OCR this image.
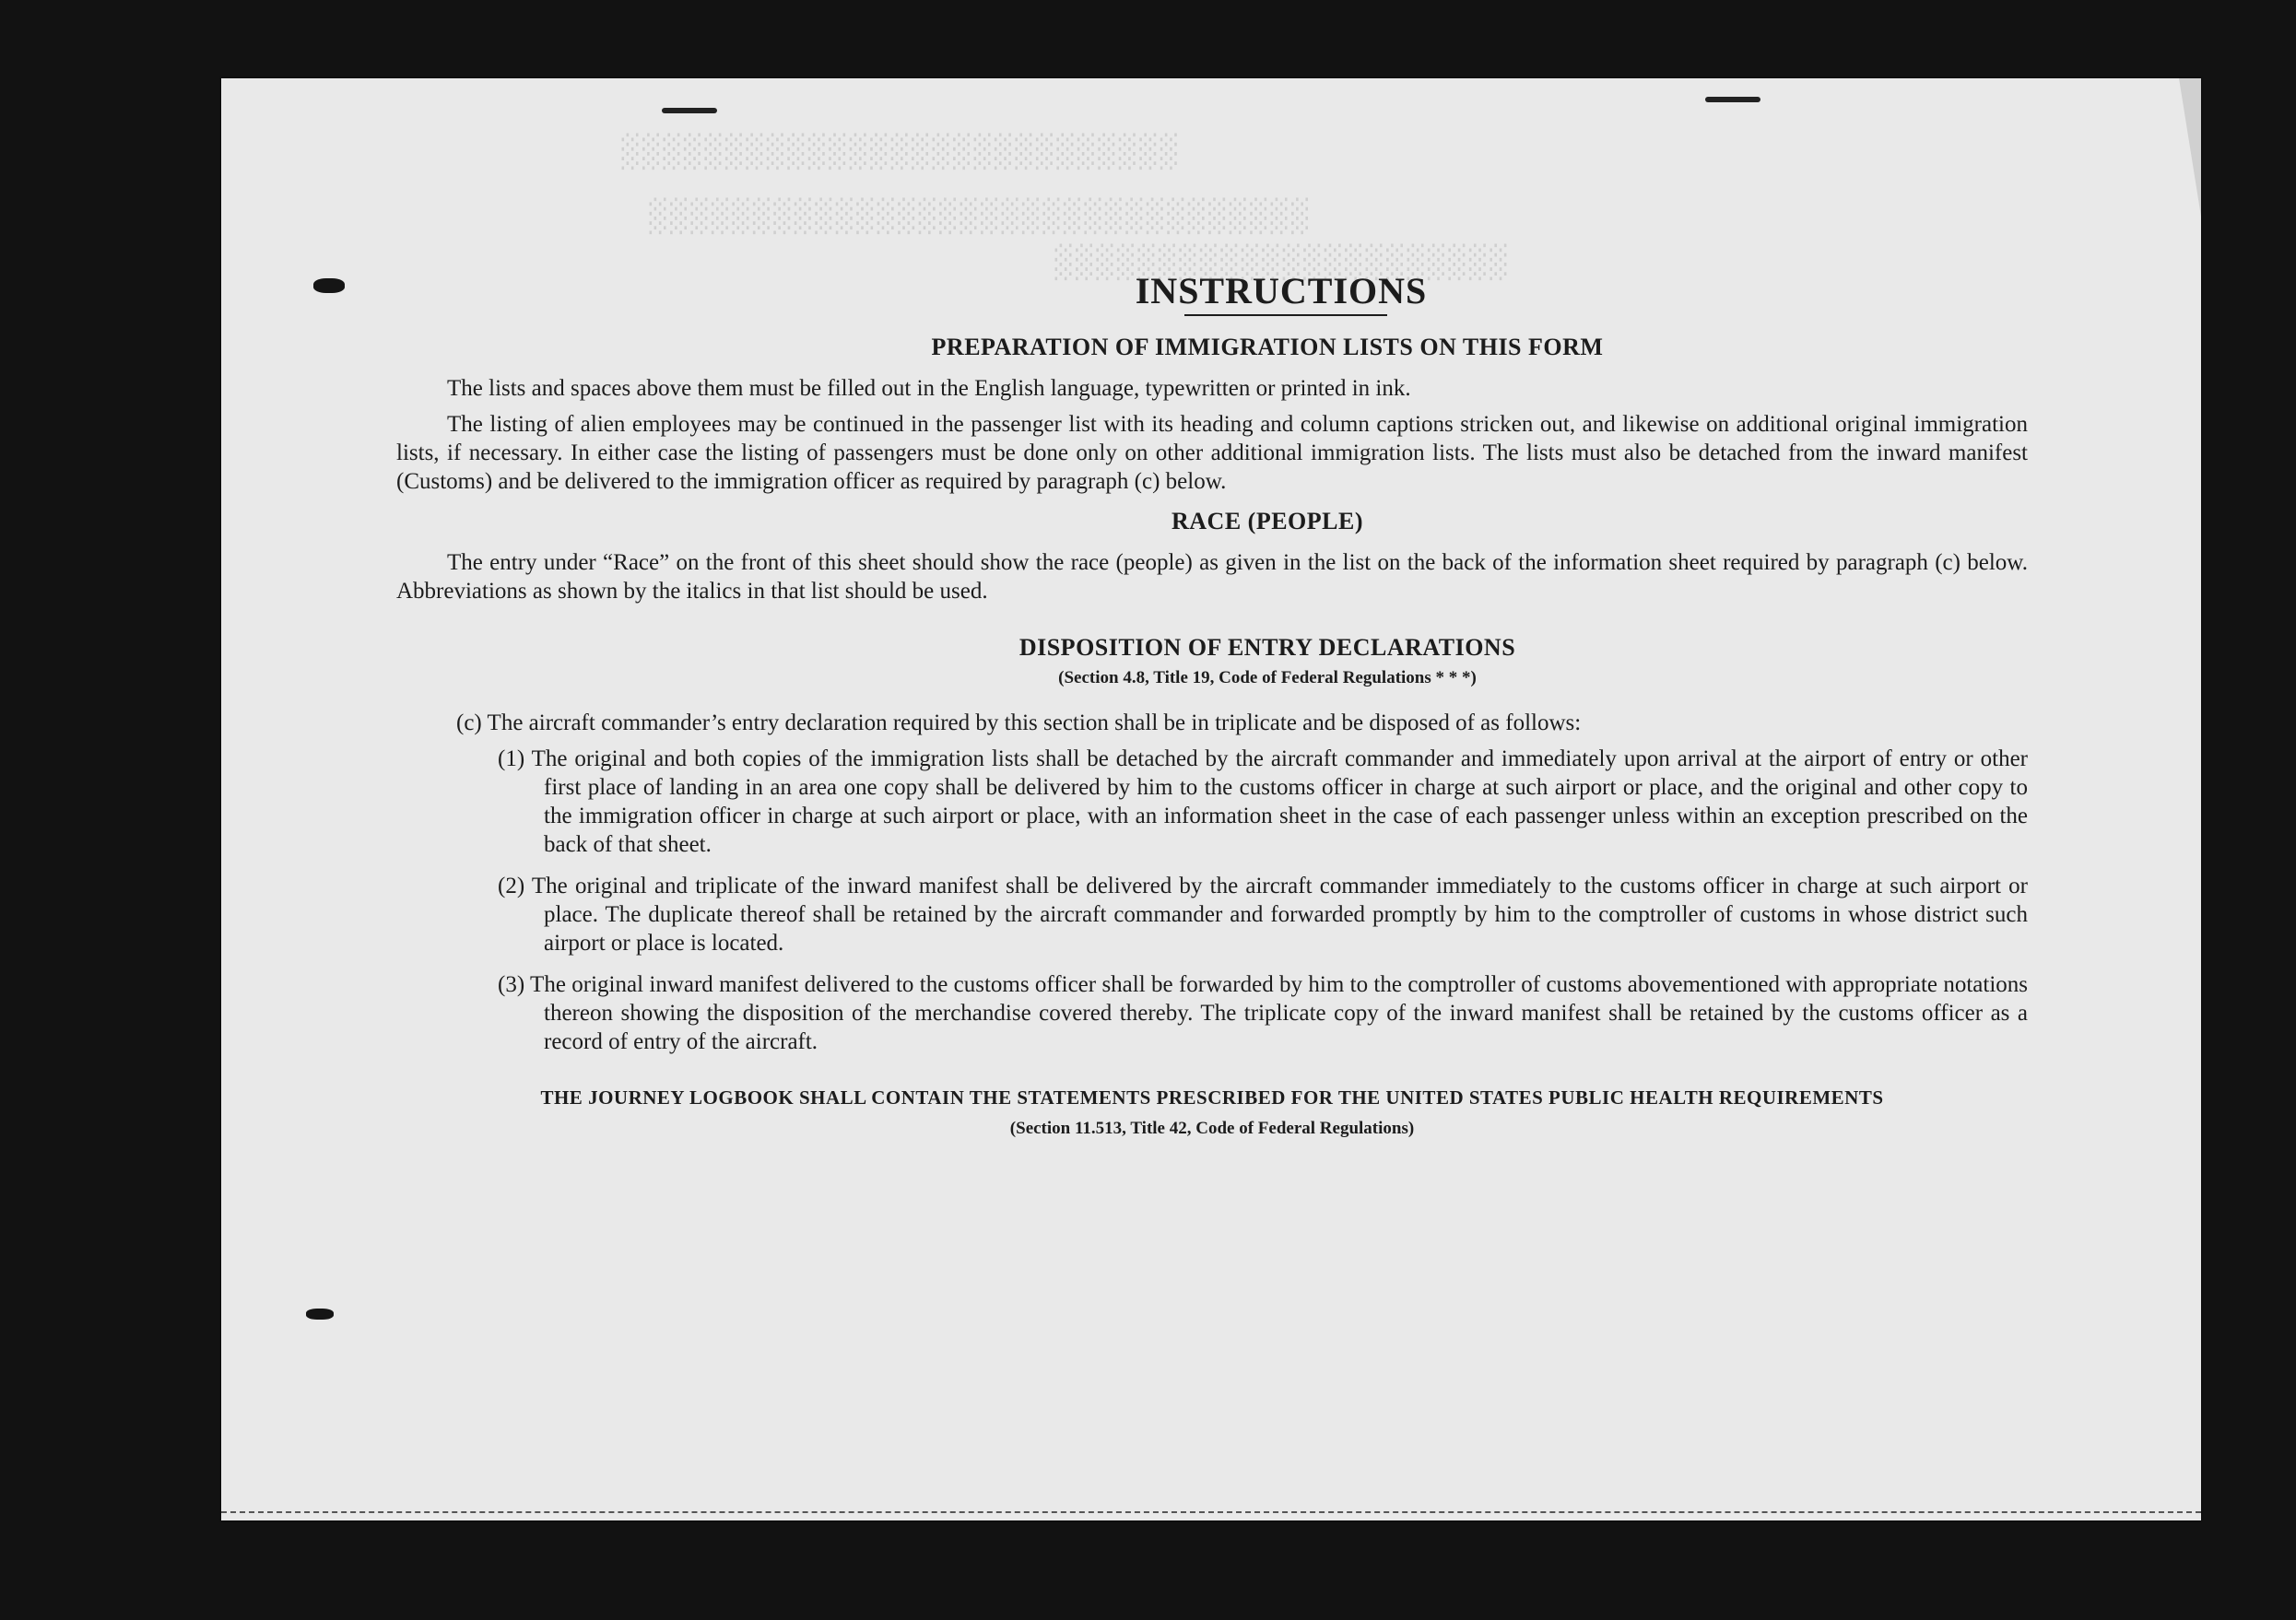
░░░░░░░░░░░░░░░░░░░░░░░░░░░
░░░░░░░░░░░░░░░░░░░░░░░░░░░░░░░░
░░░░░░░░░░░░░░░░░░░░░░
INSTRUCTIONS
PREPARATION OF IMMIGRATION LISTS ON THIS FORM

The lists and spaces above them must be filled out in the English language, typewritten or printed in ink.

The listing of alien employees may be continued in the passenger list with its heading and column captions stricken out, and likewise on additional original immigration lists, if necessary. In either case the listing of passengers must be done only on other additional immigration lists. The lists must also be detached from the inward manifest (Customs) and be delivered to the immigration officer as required by paragraph (c) below.

RACE (PEOPLE)

The entry under “Race” on the front of this sheet should show the race (people) as given in the list on the back of the information sheet required by paragraph (c) below. Abbreviations as shown by the italics in that list should be used.

DISPOSITION OF ENTRY DECLARATIONS
(Section 4.8, Title 19, Code of Federal Regulations * * *)

(c) The aircraft commander’s entry declaration required by this section shall be in triplicate and be disposed of as follows:

(1) The original and both copies of the immigration lists shall be detached by the aircraft commander and immediately upon arrival at the airport of entry or other first place of landing in an area one copy shall be delivered by him to the customs officer in charge at such airport or place, and the original and other copy to the immigration officer in charge at such airport or place, with an information sheet in the case of each passenger unless within an exception prescribed on the back of that sheet.

(2) The original and triplicate of the inward manifest shall be delivered by the aircraft commander immediately to the customs officer in charge at such airport or place. The duplicate thereof shall be retained by the aircraft commander and forwarded promptly by him to the comptroller of customs in whose district such airport or place is located.

(3) The original inward manifest delivered to the customs officer shall be forwarded by him to the comptroller of customs abovementioned with appropriate notations thereon showing the disposition of the merchandise covered thereby. The triplicate copy of the inward manifest shall be retained by the customs officer as a record of entry of the aircraft.

THE JOURNEY LOGBOOK SHALL CONTAIN THE STATEMENTS PRESCRIBED FOR THE UNITED STATES PUBLIC HEALTH REQUIREMENTS
(Section 11.513, Title 42, Code of Federal Regulations)
